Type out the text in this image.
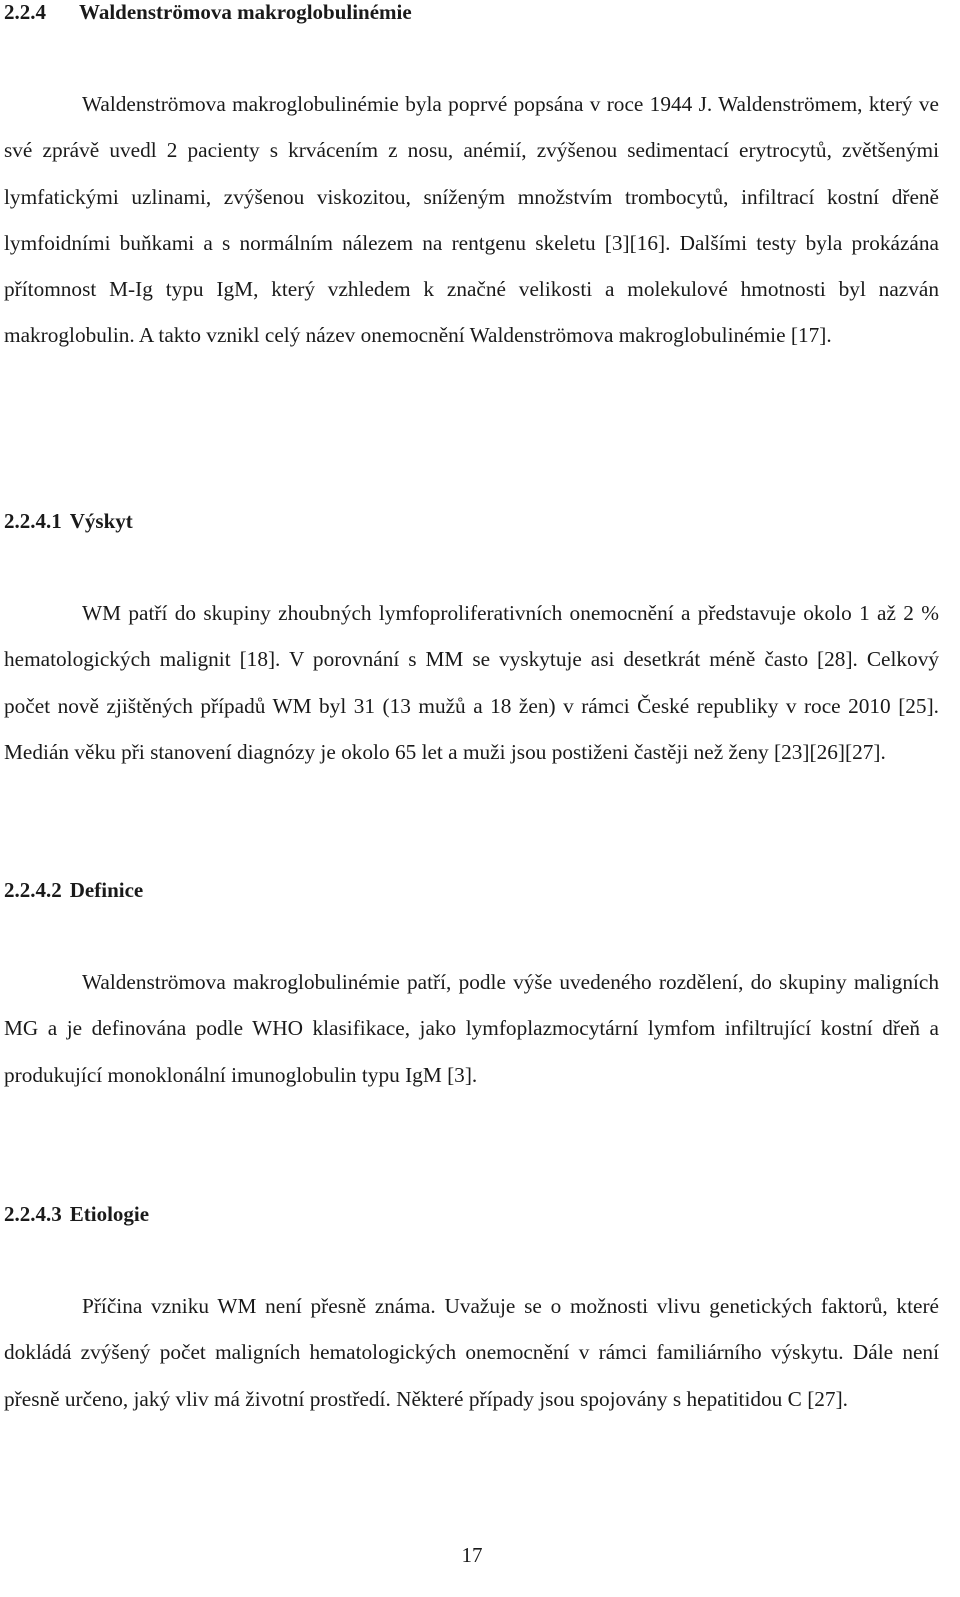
2.2.4 Waldenströmova makroglobulinémie

Waldenströmova makroglobulinémie byla poprvé popsána v roce 1944 J. Waldenströmem, který ve své zprávě uvedl 2 pacienty s krvácením z nosu, anémií, zvýšenou sedimentací erytrocytů, zvětšenými lymfatickými uzlinami, zvýšenou viskozitou, sníženým množstvím trombocytů, infiltrací kostní dřeně lymfoidními buňkami a s normálním nálezem na rentgenu skeletu [3][16]. Dalšími testy byla prokázána přítomnost M-Ig typu IgM, který vzhledem k značné velikosti a molekulové hmotnosti byl nazván makroglobulin. A takto vznikl celý název onemocnění Waldenströmova makroglobulinémie [17].

2.2.4.1 Výskyt

WM patří do skupiny zhoubných lymfoproliferativních onemocnění a představuje okolo 1 až 2 % hematologických malignit [18]. V porovnání s MM se vyskytuje asi desetkrát méně často [28]. Celkový počet nově zjištěných případů WM byl 31 (13 mužů a 18 žen) v rámci České republiky v roce 2010 [25]. Medián věku při stanovení diagnózy je okolo 65 let a muži jsou postiženi častěji než ženy [23][26][27].

2.2.4.2 Definice

Waldenströmova makroglobulinémie patří, podle výše uvedeného rozdělení, do skupiny maligních MG a je definována podle WHO klasifikace, jako lymfoplazmocytární lymfom infiltrující kostní dřeň a produkující monoklonální imunoglobulin typu IgM [3].

2.2.4.3 Etiologie

Příčina vzniku WM není přesně známa. Uvažuje se o možnosti vlivu genetických faktorů, které dokládá zvýšený počet maligních hematologických onemocnění v rámci familiárního výskytu. Dále není přesně určeno, jaký vliv má životní prostředí. Některé případy jsou spojovány s hepatitidou C [27].

17
